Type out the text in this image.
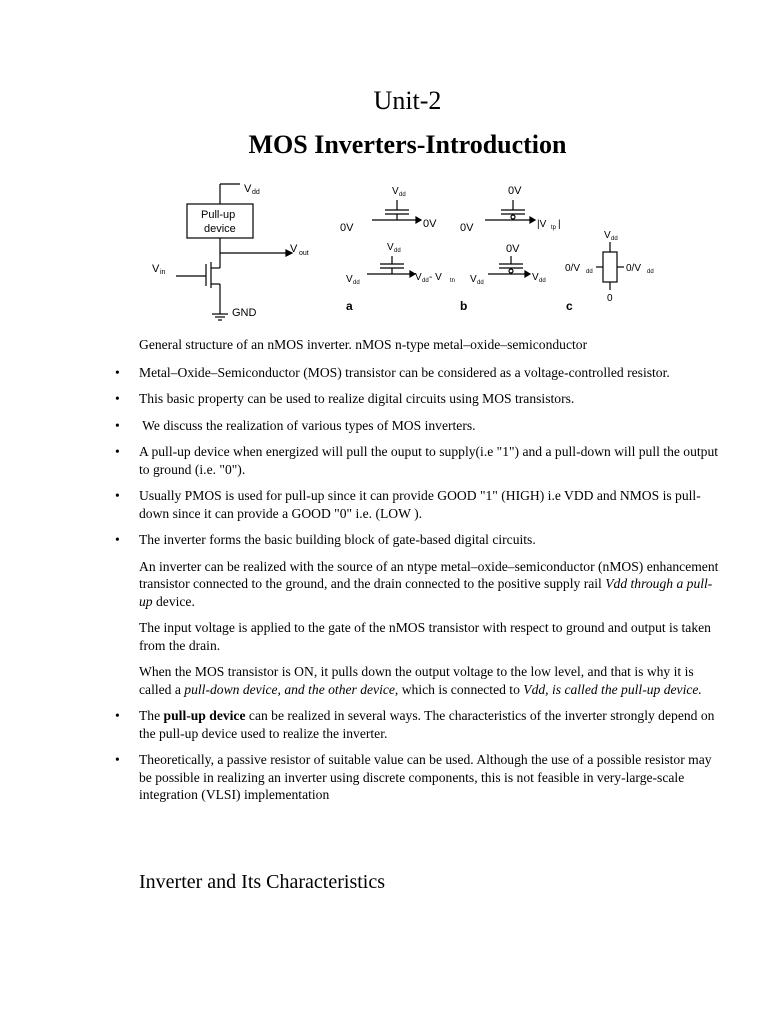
Unit-2
MOS Inverters-Introduction
V dd
Pull-up
device
V out
V in
GND
V dd
0V	0V
V dd
V dd	V dd - V tn
a
0V
0V	|V tp |
0V
V dd	V dd
b
V dd
0/V dd	0/V dd
0
c
General structure of an nMOS inverter. nMOS n-type metal–oxide–semiconductor
• Metal–Oxide–Semiconductor (MOS) transistor can be considered as a voltage-controlled resistor.
• This basic property can be used to realize digital circuits using MOS transistors.
• We discuss the realization of various types of MOS inverters.
• A pull-up device when energized will pull the ouput to supply(i.e "1") and a pull-down will pull the output to ground (i.e. "0").
• Usually PMOS is used for pull-up since it can provide GOOD "1" (HIGH) i.e VDD and NMOS is pull-down since it can provide a GOOD "0" i.e. (LOW ).
• The inverter forms the basic building block of gate-based digital circuits.
An inverter can be realized with the source of an ntype metal–oxide–semiconductor (nMOS) enhancement transistor connected to the ground, and the drain connected to the positive supply rail Vdd through a pull-up device.
The input voltage is applied to the gate of the nMOS transistor with respect to ground and output is taken from the drain.
When the MOS transistor is ON, it pulls down the output voltage to the low level, and that is why it is called a pull-down device, and the other device, which is connected to Vdd, is called the pull-up device.
• The pull-up device can be realized in several ways. The characteristics of the inverter strongly depend on the pull-up device used to realize the inverter.
• Theoretically, a passive resistor of suitable value can be used. Although the use of a possible resistor may be possible in realizing an inverter using discrete components, this is not feasible in very-large-scale integration (VLSI) implementation
Inverter and Its Characteristics
